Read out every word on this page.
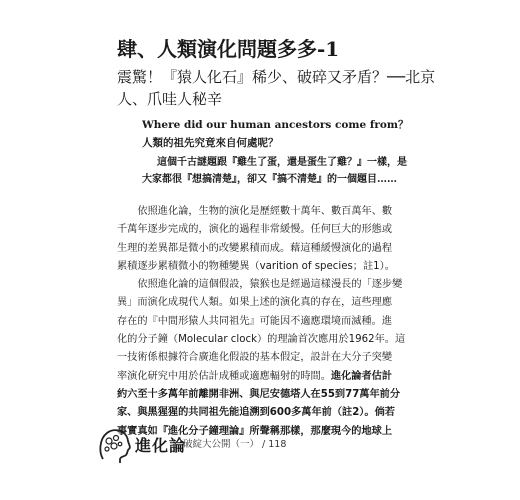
肆、人類演化問題多多-1
震驚！『猿人化石』稀少、破碎又矛盾？──北京
人、爪哇人秘辛
Where did our human ancestors come from？
人類的祖先究竟來自何處呢？
這個千古謎題跟『雞生了蛋，還是蛋生了雞？』一樣，是
大家都很『想搞清楚』，卻又『搞不清楚』的一個題目……
依照進化論，生物的演化是歷經數十萬年、數百萬年、數
千萬年逐步完成的，演化的過程非常緩慢。任何巨大的形態或
生理的差異都是微小的改變累積而成。藉這種緩慢演化的過程
累積逐步累積微小的物種變異（varition of species；註1）。
依照進化論的這個假設，猿猴也是經過這樣漫長的「逐步變
異」而演化成現代人類。如果上述的演化真的存在，這些理應
存在的『中間形猿人共同祖先』可能因不適應環境而滅種。進
化的分子鐘（Molecular clock）的理論首次應用於1962年。這
一技術係根據符合廣進化假設的基本假定，設計在大分子突變
率演化研究中用於估計成種或適應輻射的時間。進化論者估計
約六至十多萬年前離開非洲、與尼安德塔人在55到77萬年前分
家、與黑猩猩的共同祖先能追溯到600多萬年前（註2）。倘若
事實真如『進化分子鐘理論』所聲稱那樣，那麼現今的地球上
進化論
破綻大公開（一） / 118
